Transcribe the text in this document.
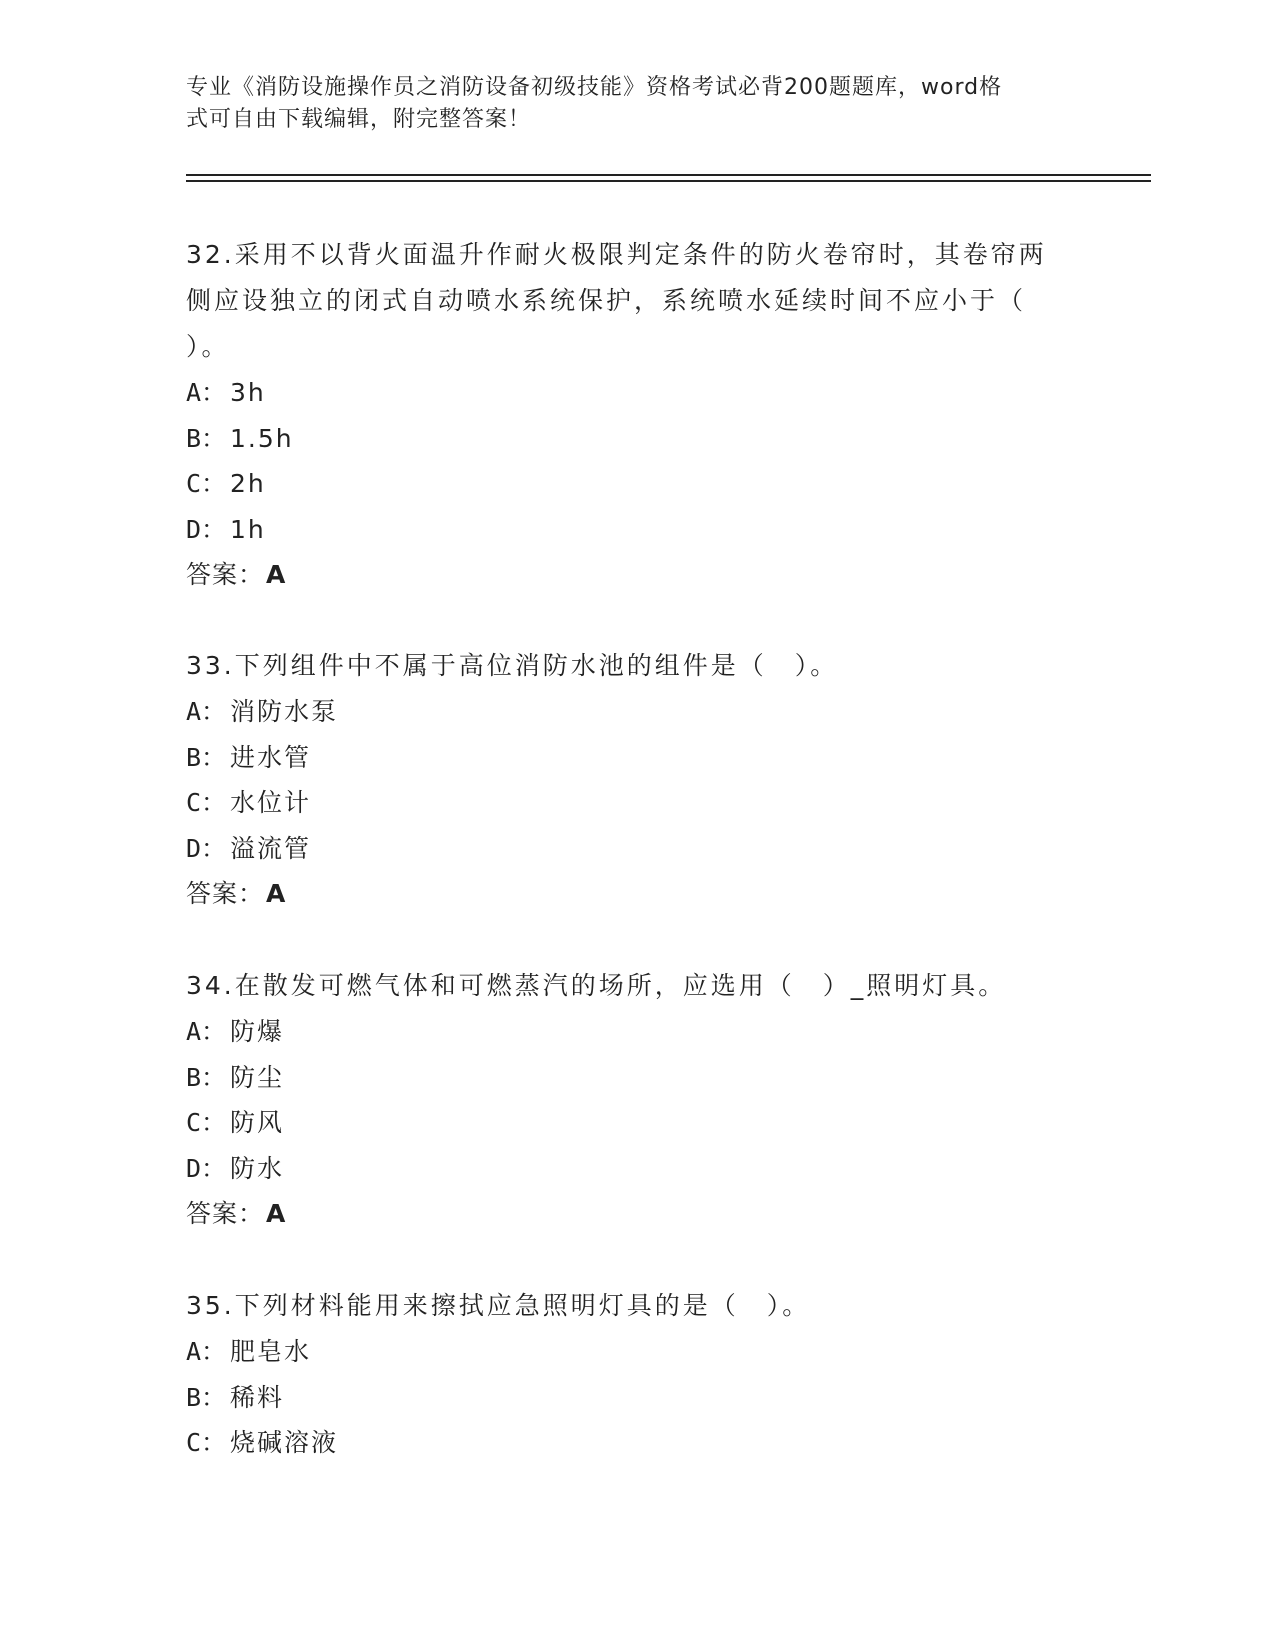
专业《消防设施操作员之消防设备初级技能》资格考试必背200题题库，word格
式可自由下载编辑，附完整答案！
32.采用不以背火面温升作耐火极限判定条件的防火卷帘时，其卷帘两
侧应设独立的闭式自动喷水系统保护，系统喷水延续时间不应小于（
）。
A： 3h
B： 1.5h
C： 2h
D： 1h
答案：A
33.下列组件中不属于高位消防水池的组件是（　）。
A： 消防水泵
B： 进水管
C： 水位计
D： 溢流管
答案：A
34.在散发可燃气体和可燃蒸汽的场所，应选用（　）_照明灯具。
A： 防爆
B： 防尘
C： 防风
D： 防水
答案：A
35.下列材料能用来擦拭应急照明灯具的是（　）。
A： 肥皂水
B： 稀料
C： 烧碱溶液
